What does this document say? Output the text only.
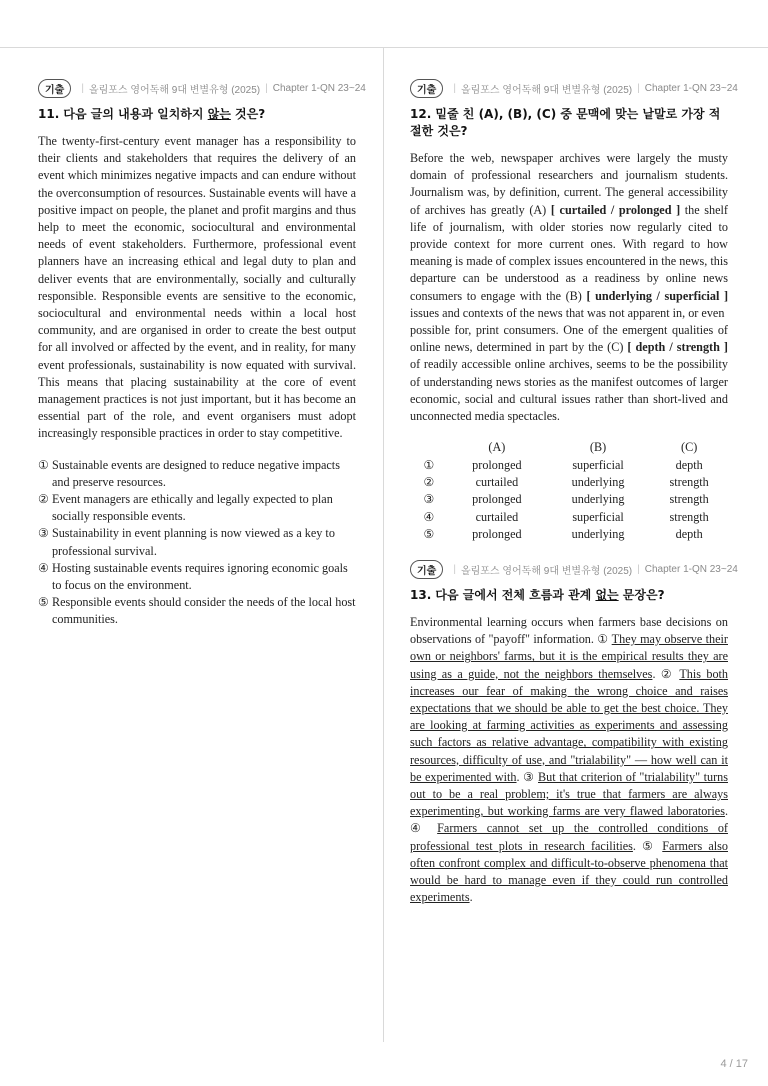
기출	| 올림포스 영어독해 9대 변별유형 (2025) | Chapter 1-QN 23~24
11. 다음 글의 내용과 일치하지 않는 것은?

The twenty-first-century event manager has a responsibility to their clients and stakeholders that requires the delivery of an event which minimizes negative impacts and can endure without the overconsumption of resources. Sustainable events will have a positive impact on people, the planet and profit margins and thus help to meet the economic, sociocultural and environmental needs of event stakeholders. Furthermore, professional event planners have an increasing ethical and legal duty to plan and deliver events that are environmentally, socially and culturally responsible. Responsible events are sensitive to the economic, sociocultural and environmental needs within a local host community, and are organised in order to create the best output for all involved or affected by the event, and in reality, for many event professionals, sustainability is now equated with survival. This means that placing sustainability at the core of event management practices is not just important, but it has become an essential part of the role, and event organisers must adopt increasingly responsible practices in order to stay competitive.

① Sustainable events are designed to reduce negative impacts and preserve resources.
② Event managers are ethically and legally expected to plan socially responsible events.
③ Sustainability in event planning is now viewed as a key to professional survival.
④ Hosting sustainable events requires ignoring economic goals to focus on the environment.
⑤ Responsible events should consider the needs of the local host communities.
기출	| 올림포스 영어독해 9대 변별유형 (2025) | Chapter 1-QN 23~24
12. 밑줄 친 (A), (B), (C) 중 문맥에 맞는 낱말로 가장 적절한 것은?

Before the web, newspaper archives were largely the musty domain of professional researchers and journalism students. Journalism was, by definition, current. The general accessibility of archives has greatly (A) [ curtailed / prolonged ] the shelf life of journalism, with older stories now regularly cited to provide context for more current ones. With regard to how meaning is made of complex issues encountered in the news, this departure can be understood as a readiness by online news consumers to engage with the (B) [ underlying / superficial ] issues and contexts of the news that was not apparent in, or even
possible for, print consumers. One of the emergent qualities of online news, determined in part by the (C) [ depth / strength ] of readily accessible online archives, seems to be the possibility of understanding news stories as the manifest outcomes of larger economic, social and cultural issues rather than short-lived and unconnected media spectacles.

	(A)	(B)	(C)
①	prolonged	superficial	depth
②	curtailed	underlying	strength
③	prolonged	underlying	strength
④	curtailed	superficial	strength
⑤	prolonged	underlying	depth
기출	| 올림포스 영어독해 9대 변별유형 (2025) | Chapter 1-QN 23~24
13. 다음 글에서 전체 흐름과 관계 없는 문장은?

Environmental learning occurs when farmers base decisions on observations of "payoff" information. ① They may observe their own or neighbors' farms, but it is the empirical results they are using as a guide, not the neighbors themselves. ② This both increases our fear of making the wrong choice and raises expectations that we should be able to get the best choice. They are looking at farming activities as experiments and assessing such factors as relative advantage, compatibility with existing resources, difficulty of use, and "trialability" — how well can it be experimented with. ③ But that criterion of "trialability" turns out to be a real problem; it's true that farmers are always experimenting, but working farms are very flawed laboratories. ④ Farmers cannot set up the controlled conditions of professional test plots in research facilities. ⑤ Farmers also often confront complex and difficult-to-observe phenomena that would be hard to manage even if they could run controlled experiments.

4 / 17
